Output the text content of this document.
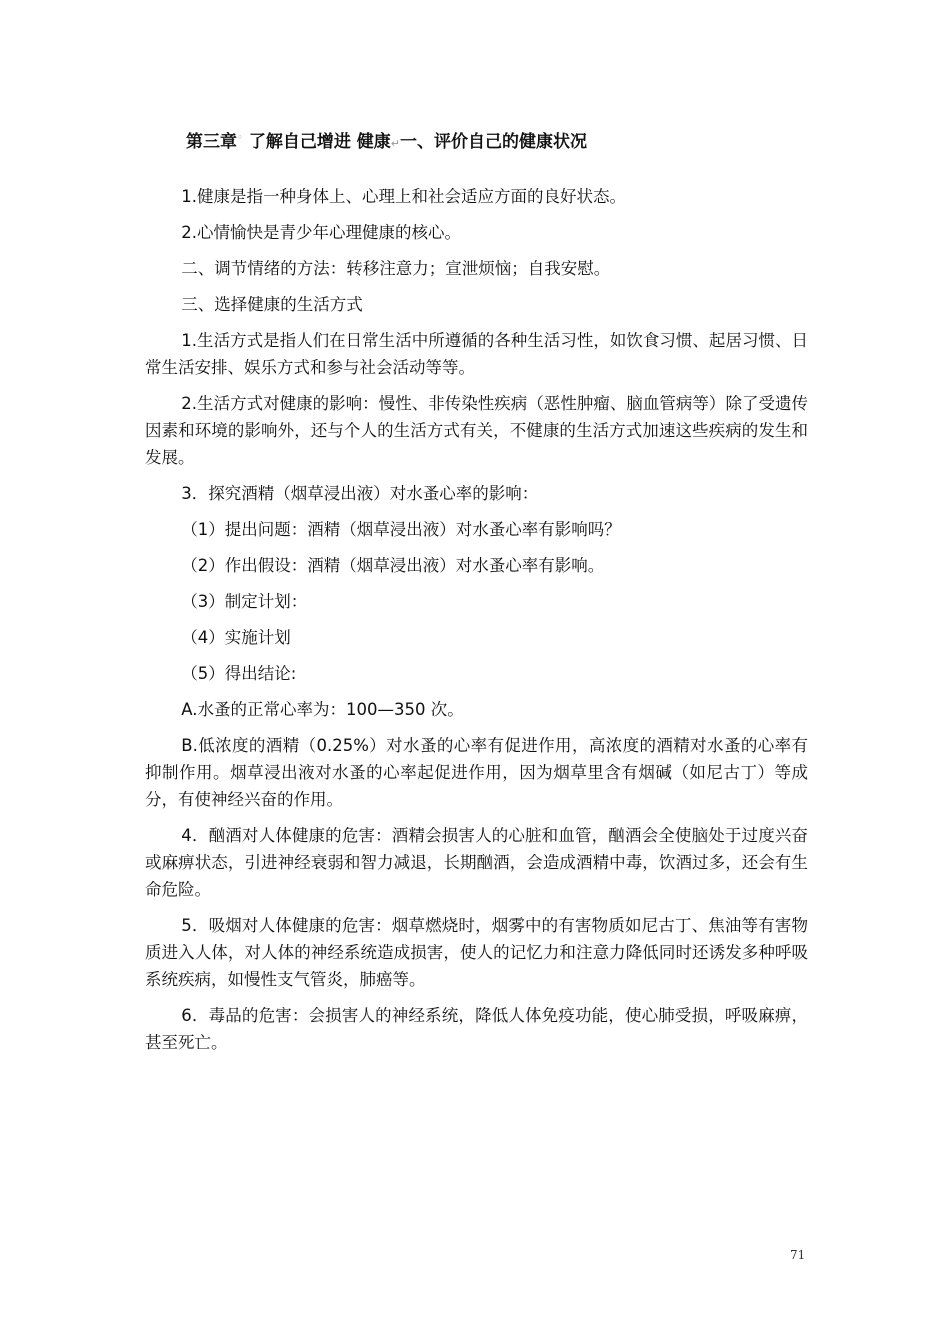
第三章◦ 了解自己增进 健康↵一、评价自己的健康状况

1.健康是指一种身体上、心理上和社会适应方面的良好状态。

2.心情愉快是青少年心理健康的核心。

二、调节情绪的方法：转移注意力；宣泄烦恼；自我安慰。

三、选择健康的生活方式

1.生活方式是指人们在日常生活中所遵循的各种生活习性，如饮食习惯、起居习惯、日常生活安排、娱乐方式和参与社会活动等等。

2.生活方式对健康的影响：慢性、非传染性疾病（恶性肿瘤、脑血管病等）除了受遗传因素和环境的影响外，还与个人的生活方式有关，不健康的生活方式加速这些疾病的发生和发展。

3．探究酒精（烟草浸出液）对水蚤心率的影响：

（1）提出问题：酒精（烟草浸出液）对水蚤心率有影响吗？

（2）作出假设：酒精（烟草浸出液）对水蚤心率有影响。

（3）制定计划：

（4）实施计划

（5）得出结论:

A.水蚤的正常心率为：100—350 次。

B.低浓度的酒精（0.25%）对水蚤的心率有促进作用，高浓度的酒精对水蚤的心率有抑制作用。烟草浸出液对水蚤的心率起促进作用，因为烟草里含有烟碱（如尼古丁）等成分，有使神经兴奋的作用。

4．酗酒对人体健康的危害：酒精会损害人的心脏和血管，酗酒会全使脑处于过度兴奋或麻痹状态，引进神经衰弱和智力减退，长期酗酒，会造成酒精中毒，饮酒过多，还会有生命危险。

5．吸烟对人体健康的危害：烟草燃烧时，烟雾中的有害物质如尼古丁、焦油等有害物质进入人体，对人体的神经系统造成损害，使人的记忆力和注意力降低同时还诱发多种呼吸系统疾病，如慢性支气管炎，肺癌等。

6．毒品的危害：会损害人的神经系统，降低人体免疫功能，使心肺受损，呼吸麻痹，甚至死亡。

71
